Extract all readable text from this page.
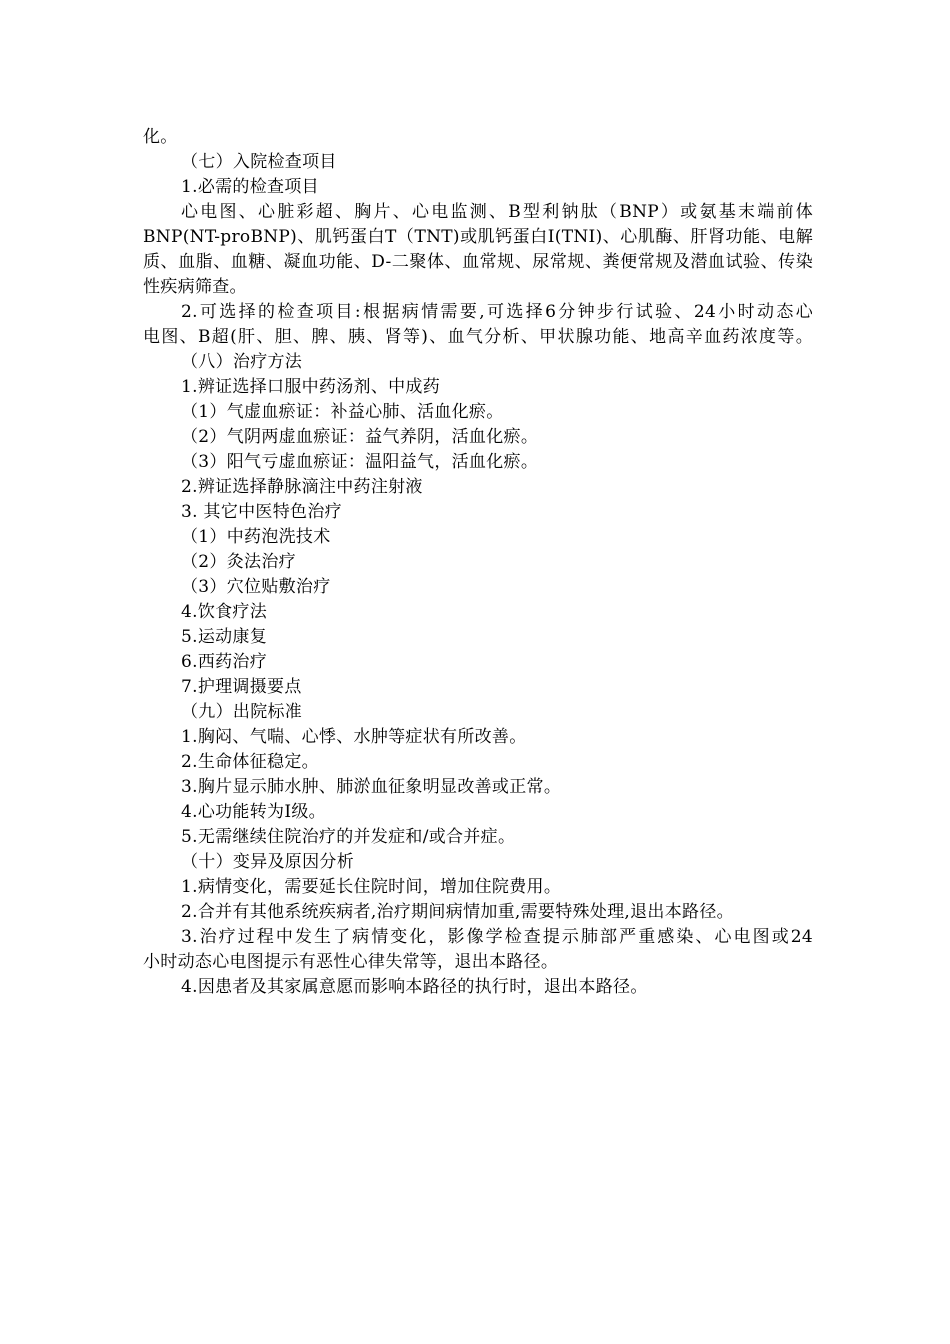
化。
（七）入院检查项目
1.必需的检查项目
心电图、心脏彩超、胸片、心电监测、B型利钠肽（BNP）或氨基末端前体
BNP(NT-proBNP)、肌钙蛋白T（TNT)或肌钙蛋白I(TNI)、心肌酶、肝肾功能、电解
质、血脂、血糖、凝血功能、D-二聚体、血常规、尿常规、粪便常规及潜血试验、传染
性疾病筛查。
2.可选择的检查项目:根据病情需要,可选择6分钟步行试验、24小时动态心
电图、B超(肝、胆、脾、胰、肾等)、血气分析、甲状腺功能、地高辛血药浓度等。
（八）治疗方法
1.辨证选择口服中药汤剂、中成药
（1）气虚血瘀证：补益心肺、活血化瘀。
（2）气阴两虚血瘀证：益气养阴，活血化瘀。
（3）阳气亏虚血瘀证：温阳益气，活血化瘀。
2.辨证选择静脉滴注中药注射液
3. 其它中医特色治疗
（1）中药泡洗技术
（2）灸法治疗
（3）穴位贴敷治疗
4.饮食疗法
5.运动康复
6.西药治疗
7.护理调摄要点
（九）出院标准
1.胸闷、气喘、心悸、水肿等症状有所改善。
2.生命体征稳定。
3.胸片显示肺水肿、肺淤血征象明显改善或正常。
4.心功能转为I级。
5.无需继续住院治疗的并发症和/或合并症。
（十）变异及原因分析
1.病情变化，需要延长住院时间，增加住院费用。
2.合并有其他系统疾病者,治疗期间病情加重,需要特殊处理,退出本路径。
3.治疗过程中发生了病情变化，影像学检查提示肺部严重感染、心电图或24
小时动态心电图提示有恶性心律失常等，退出本路径。
4.因患者及其家属意愿而影响本路径的执行时，退出本路径。
